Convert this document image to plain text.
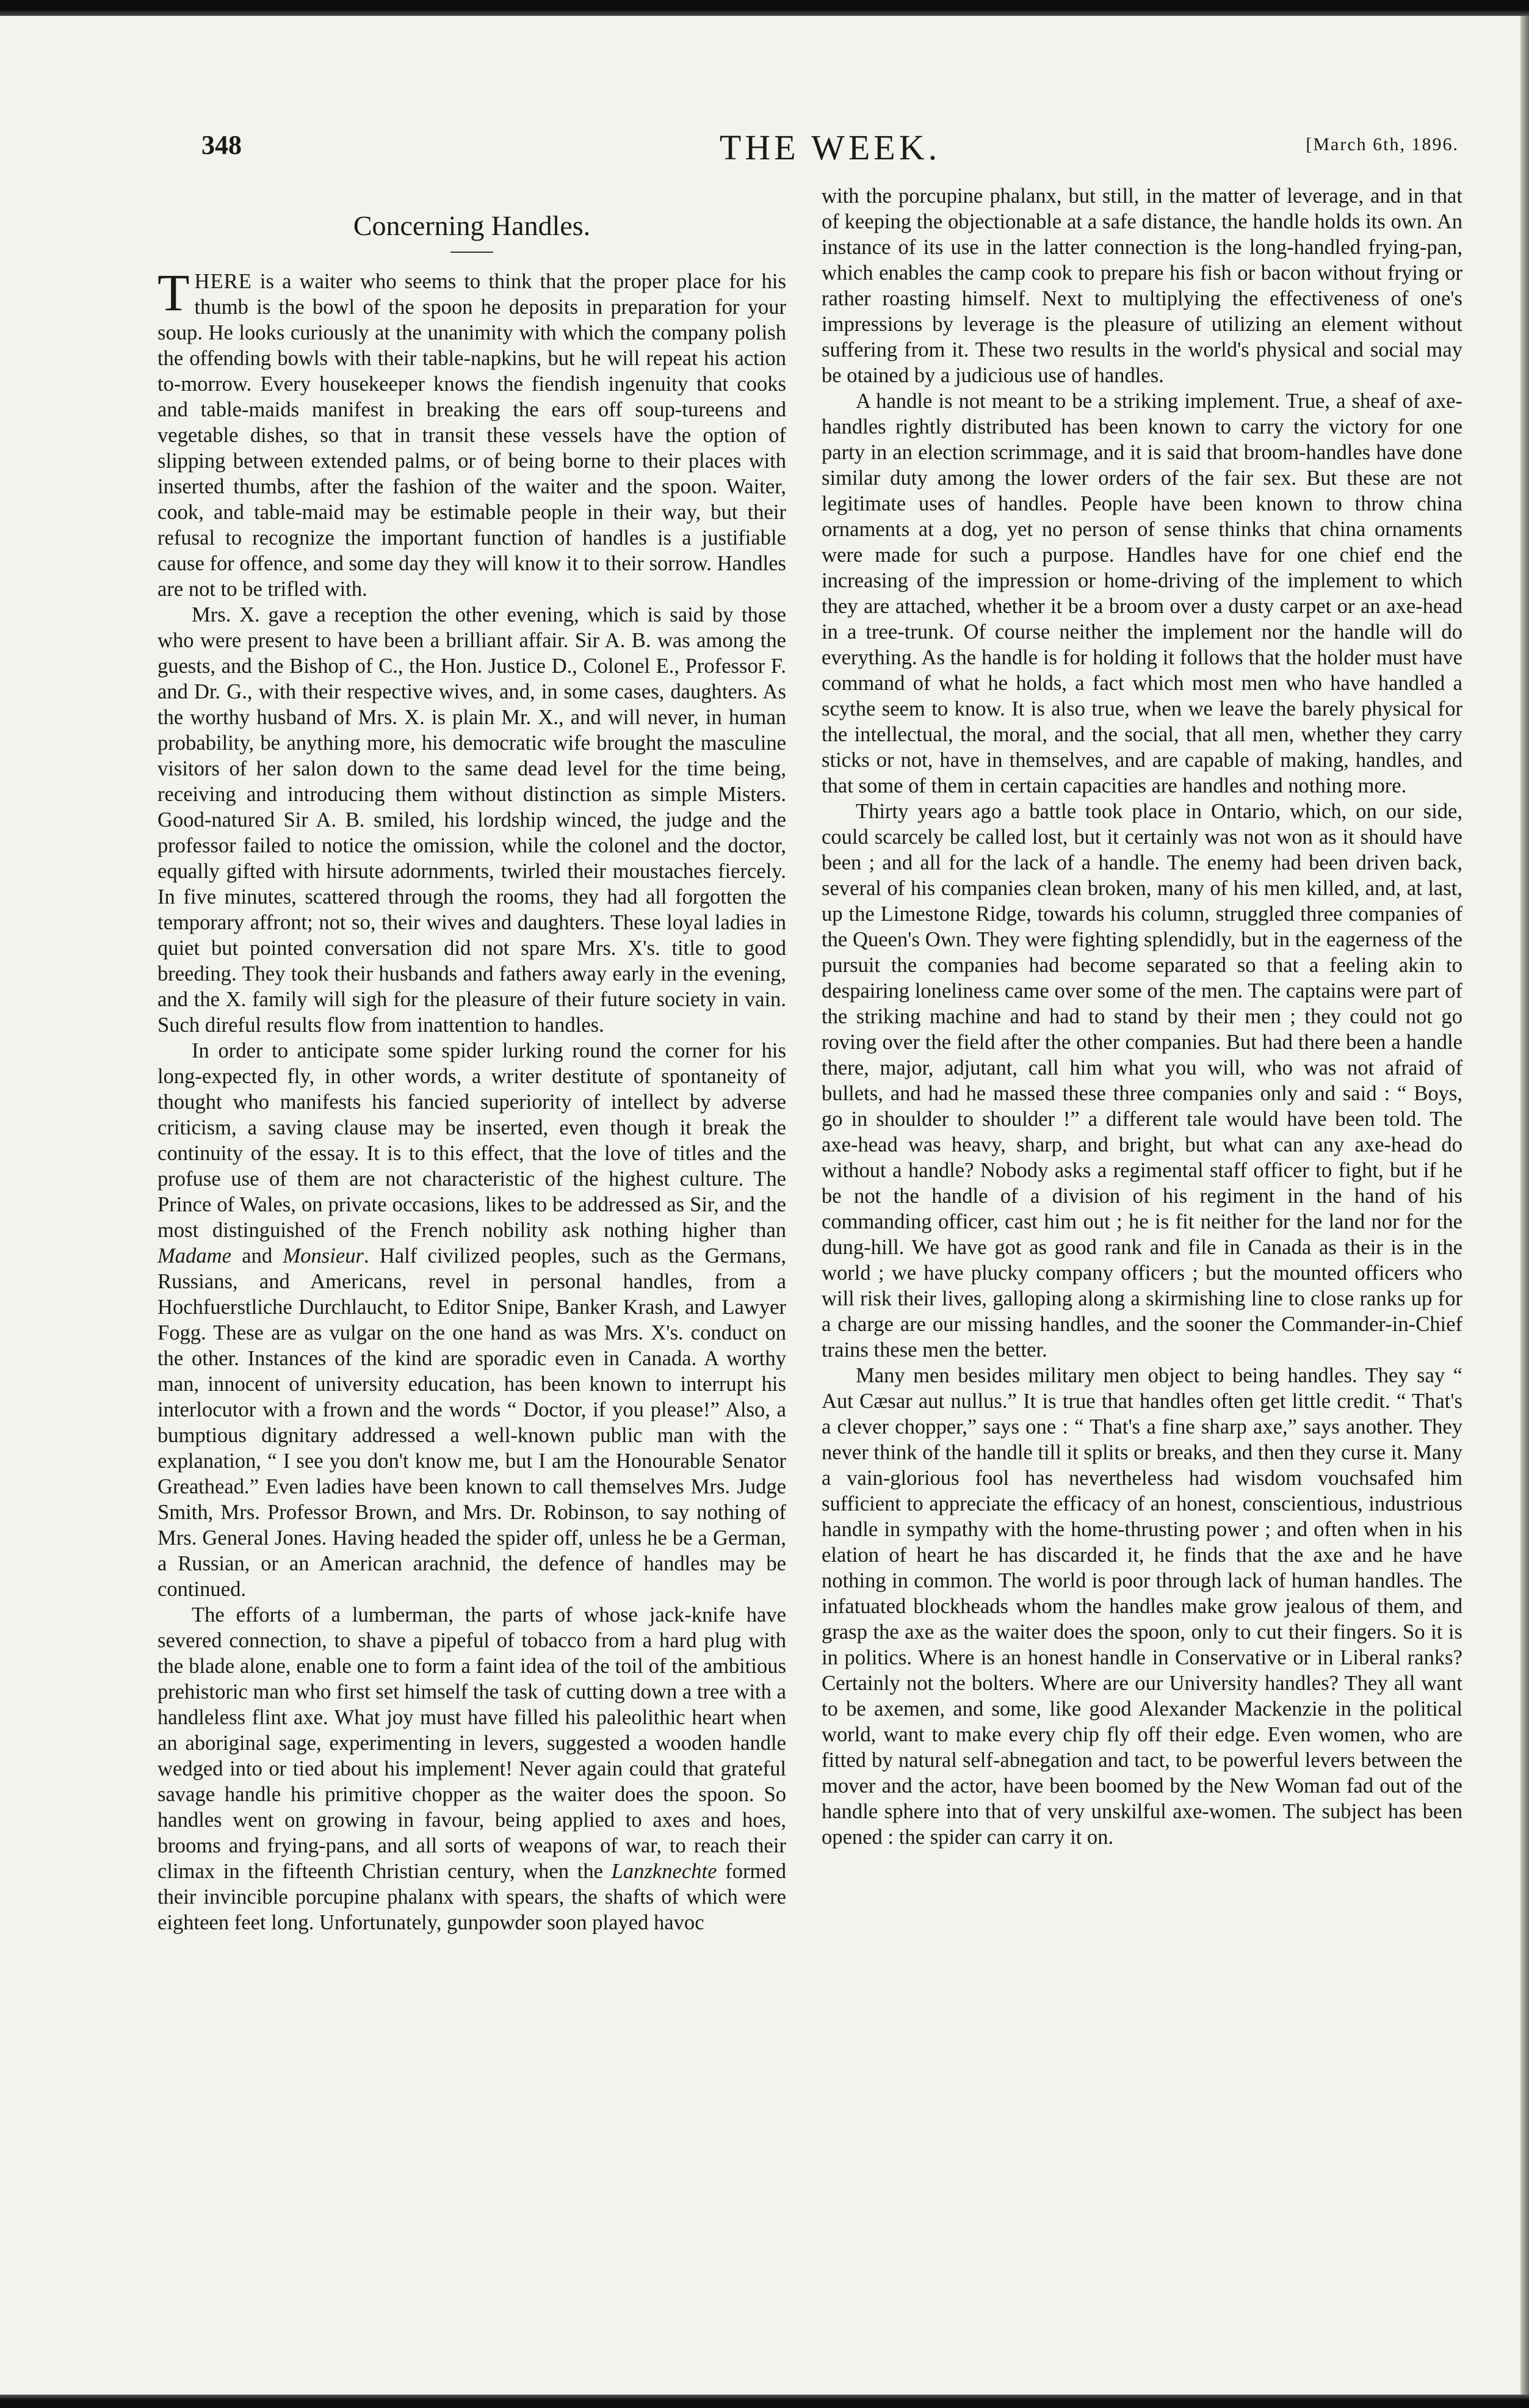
348	THE WEEK.	[March 6th, 1896.
Concerning Handles.

THERE is a waiter who seems to think that the proper place for his thumb is the bowl of the spoon he deposits in preparation for your soup. He looks curiously at the unanimity with which the company polish the offending bowls with their table-napkins, but he will repeat his action to-morrow. Every housekeeper knows the fiendish ingenuity that cooks and table-maids manifest in breaking the ears off soup-tureens and vegetable dishes, so that in transit these vessels have the option of slipping between extended palms, or of being borne to their places with inserted thumbs, after the fashion of the waiter and the spoon. Waiter, cook, and table-maid may be estimable people in their way, but their refusal to recognize the important function of handles is a justifiable cause for offence, and some day they will know it to their sorrow. Handles are not to be trifled with.

Mrs. X. gave a reception the other evening, which is said by those who were present to have been a brilliant affair. Sir A. B. was among the guests, and the Bishop of C., the Hon. Justice D., Colonel E., Professor F. and Dr. G., with their respective wives, and, in some cases, daughters. As the worthy husband of Mrs. X. is plain Mr. X., and will never, in human probability, be anything more, his democratic wife brought the masculine visitors of her salon down to the same dead level for the time being, receiving and introducing them without distinction as simple Misters. Good-natured Sir A. B. smiled, his lordship winced, the judge and the professor failed to notice the omission, while the colonel and the doctor, equally gifted with hirsute adornments, twirled their moustaches fiercely. In five minutes, scattered through the rooms, they had all forgotten the temporary affront; not so, their wives and daughters. These loyal ladies in quiet but pointed conversation did not spare Mrs. X's. title to good breeding. They took their husbands and fathers away early in the evening, and the X. family will sigh for the pleasure of their future society in vain. Such direful results flow from inattention to handles.

In order to anticipate some spider lurking round the corner for his long-expected fly, in other words, a writer destitute of spontaneity of thought who manifests his fancied superiority of intellect by adverse criticism, a saving clause may be inserted, even though it break the continuity of the essay. It is to this effect, that the love of titles and the profuse use of them are not characteristic of the highest culture. The Prince of Wales, on private occasions, likes to be addressed as Sir, and the most distinguished of the French nobility ask nothing higher than Madame and Monsieur. Half civilized peoples, such as the Germans, Russians, and Americans, revel in personal handles, from a Hochfuerstliche Durchlaucht, to Editor Snipe, Banker Krash, and Lawyer Fogg. These are as vulgar on the one hand as was Mrs. X's. conduct on the other. Instances of the kind are sporadic even in Canada. A worthy man, innocent of university education, has been known to interrupt his interlocutor with a frown and the words “ Doctor, if you please!” Also, a bumptious dignitary addressed a well-known public man with the explanation, “ I see you don't know me, but I am the Honourable Senator Greathead.” Even ladies have been known to call themselves Mrs. Judge Smith, Mrs. Professor Brown, and Mrs. Dr. Robinson, to say nothing of Mrs. General Jones. Having headed the spider off, unless he be a German, a Russian, or an American arachnid, the defence of handles may be continued.

The efforts of a lumberman, the parts of whose jack-knife have severed connection, to shave a pipeful of tobacco from a hard plug with the blade alone, enable one to form a faint idea of the toil of the ambitious prehistoric man who first set himself the task of cutting down a tree with a handleless flint axe. What joy must have filled his paleolithic heart when an aboriginal sage, experimenting in levers, suggested a wooden handle wedged into or tied about his implement! Never again could that grateful savage handle his primitive chopper as the waiter does the spoon. So handles went on growing in favour, being applied to axes and hoes, brooms and frying-pans, and all sorts of weapons of war, to reach their climax in the fifteenth Christian century, when the Lanzknechte formed their invincible porcupine phalanx with spears, the shafts of which were eighteen feet long. Unfortunately, gunpowder soon played havoc

with the porcupine phalanx, but still, in the matter of leverage, and in that of keeping the objectionable at a safe distance, the handle holds its own. An instance of its use in the latter connection is the long-handled frying-pan, which enables the camp cook to prepare his fish or bacon without frying or rather roasting himself. Next to multiplying the effectiveness of one's impressions by leverage is the pleasure of utilizing an element without suffering from it. These two results in the world's physical and social may be otained by a judicious use of handles.

A handle is not meant to be a striking implement. True, a sheaf of axe-handles rightly distributed has been known to carry the victory for one party in an election scrimmage, and it is said that broom-handles have done similar duty among the lower orders of the fair sex. But these are not legitimate uses of handles. People have been known to throw china ornaments at a dog, yet no person of sense thinks that china ornaments were made for such a purpose. Handles have for one chief end the increasing of the impression or home-driving of the implement to which they are attached, whether it be a broom over a dusty carpet or an axe-head in a tree-trunk. Of course neither the implement nor the handle will do everything. As the handle is for holding it follows that the holder must have command of what he holds, a fact which most men who have handled a scythe seem to know. It is also true, when we leave the barely physical for the intellectual, the moral, and the social, that all men, whether they carry sticks or not, have in themselves, and are capable of making, handles, and that some of them in certain capacities are handles and nothing more.

Thirty years ago a battle took place in Ontario, which, on our side, could scarcely be called lost, but it certainly was not won as it should have been ; and all for the lack of a handle. The enemy had been driven back, several of his companies clean broken, many of his men killed, and, at last, up the Limestone Ridge, towards his column, struggled three companies of the Queen's Own. They were fighting splendidly, but in the eagerness of the pursuit the companies had become separated so that a feeling akin to despairing loneliness came over some of the men. The captains were part of the striking machine and had to stand by their men ; they could not go roving over the field after the other companies. But had there been a handle there, major, adjutant, call him what you will, who was not afraid of bullets, and had he massed these three companies only and said : “ Boys, go in shoulder to shoulder !” a different tale would have been told. The axe-head was heavy, sharp, and bright, but what can any axe-head do without a handle? Nobody asks a regimental staff officer to fight, but if he be not the handle of a division of his regiment in the hand of his commanding officer, cast him out ; he is fit neither for the land nor for the dung-hill. We have got as good rank and file in Canada as their is in the world ; we have plucky company officers ; but the mounted officers who will risk their lives, galloping along a skirmishing line to close ranks up for a charge are our missing handles, and the sooner the Commander-in-Chief trains these men the better.

Many men besides military men object to being handles. They say “ Aut Cæsar aut nullus.” It is true that handles often get little credit. “ That's a clever chopper,” says one : “ That's a fine sharp axe,” says another. They never think of the handle till it splits or breaks, and then they curse it. Many a vain-glorious fool has nevertheless had wisdom vouchsafed him sufficient to appreciate the efficacy of an honest, conscientious, industrious handle in sympathy with the home-thrusting power ; and often when in his elation of heart he has discarded it, he finds that the axe and he have nothing in common. The world is poor through lack of human handles. The infatuated blockheads whom the handles make grow jealous of them, and grasp the axe as the waiter does the spoon, only to cut their fingers. So it is in politics. Where is an honest handle in Conservative or in Liberal ranks? Certainly not the bolters. Where are our University handles? They all want to be axemen, and some, like good Alexander Mackenzie in the political world, want to make every chip fly off their edge. Even women, who are fitted by natural self-abnegation and tact, to be powerful levers between the mover and the actor, have been boomed by the New Woman fad out of the handle sphere into that of very unskilful axe-women. The subject has been opened : the spider can carry it on.
